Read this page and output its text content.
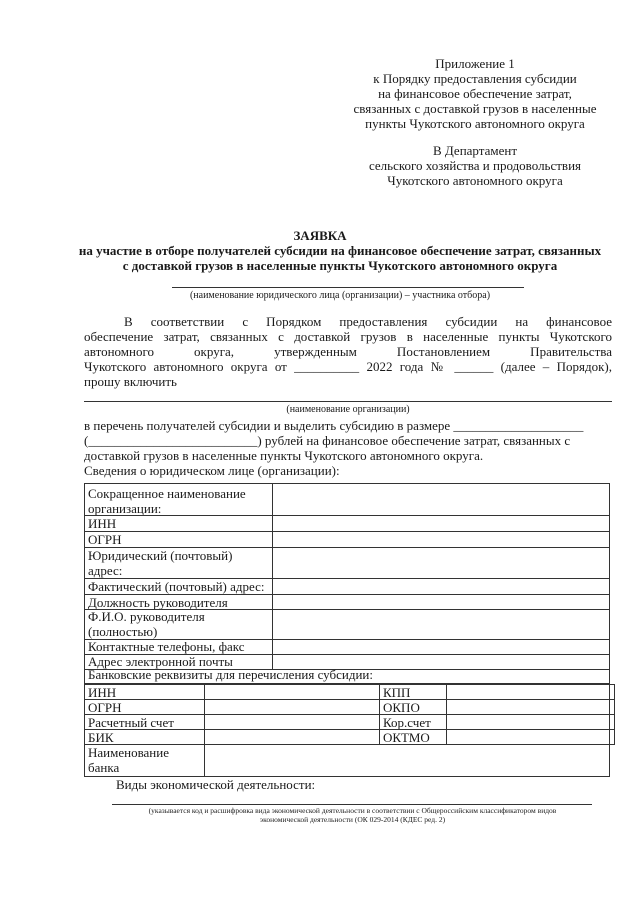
Приложение 1
к Порядку предоставления субсидии
на финансовое обеспечение затрат,
связанных с доставкой грузов в населенные
пункты Чукотского автономного округа
В Департамент
сельского хозяйства и продовольствия
Чукотского автономного округа
ЗАЯВКА
на участие в отборе получателей субсидии на финансовое обеспечение затрат, связанных
с доставкой грузов в населенные пункты Чукотского автономного округа
(наименование юридического лица (организации) – участника отбора)
В соответствии с Порядком предоставления субсидии на финансовое
обеспечение затрат, связанных с доставкой грузов в населенные пункты Чукотского
автономного округа, утвержденным Постановлением Правительства
Чукотского автономного округа от __________ 2022 года № ______ (далее – Порядок),
прошу включить
(наименование организации)
в перечень получателей субсидии и выделить субсидию в размере ____________________
(__________________________) рублей на финансовое обеспечение затрат, связанных с
доставкой грузов в населенные пункты Чукотского автономного округа.
Сведения о юридическом лице (организации):
Сокращенное наименование организации:
ИНН
ОГРН
Юридический (почтовый) адрес:
Фактический (почтовый) адрес:
Должность руководителя
Ф.И.О. руководителя (полностью)
Контактные телефоны, факс
Адрес электронной почты
Банковские реквизиты для перечисления субсидии:
ИНН	КПП
ОГРН	ОКПО
Расчетный счет	Кор.счет
БИК	ОКТМО
Наименование банка
Виды экономической деятельности:
(указывается код и расшифровка вида экономической деятельности в соответствии с Общероссийским классификатором видов
экономической деятельности (ОК 029-2014 (КДЕС ред. 2)
